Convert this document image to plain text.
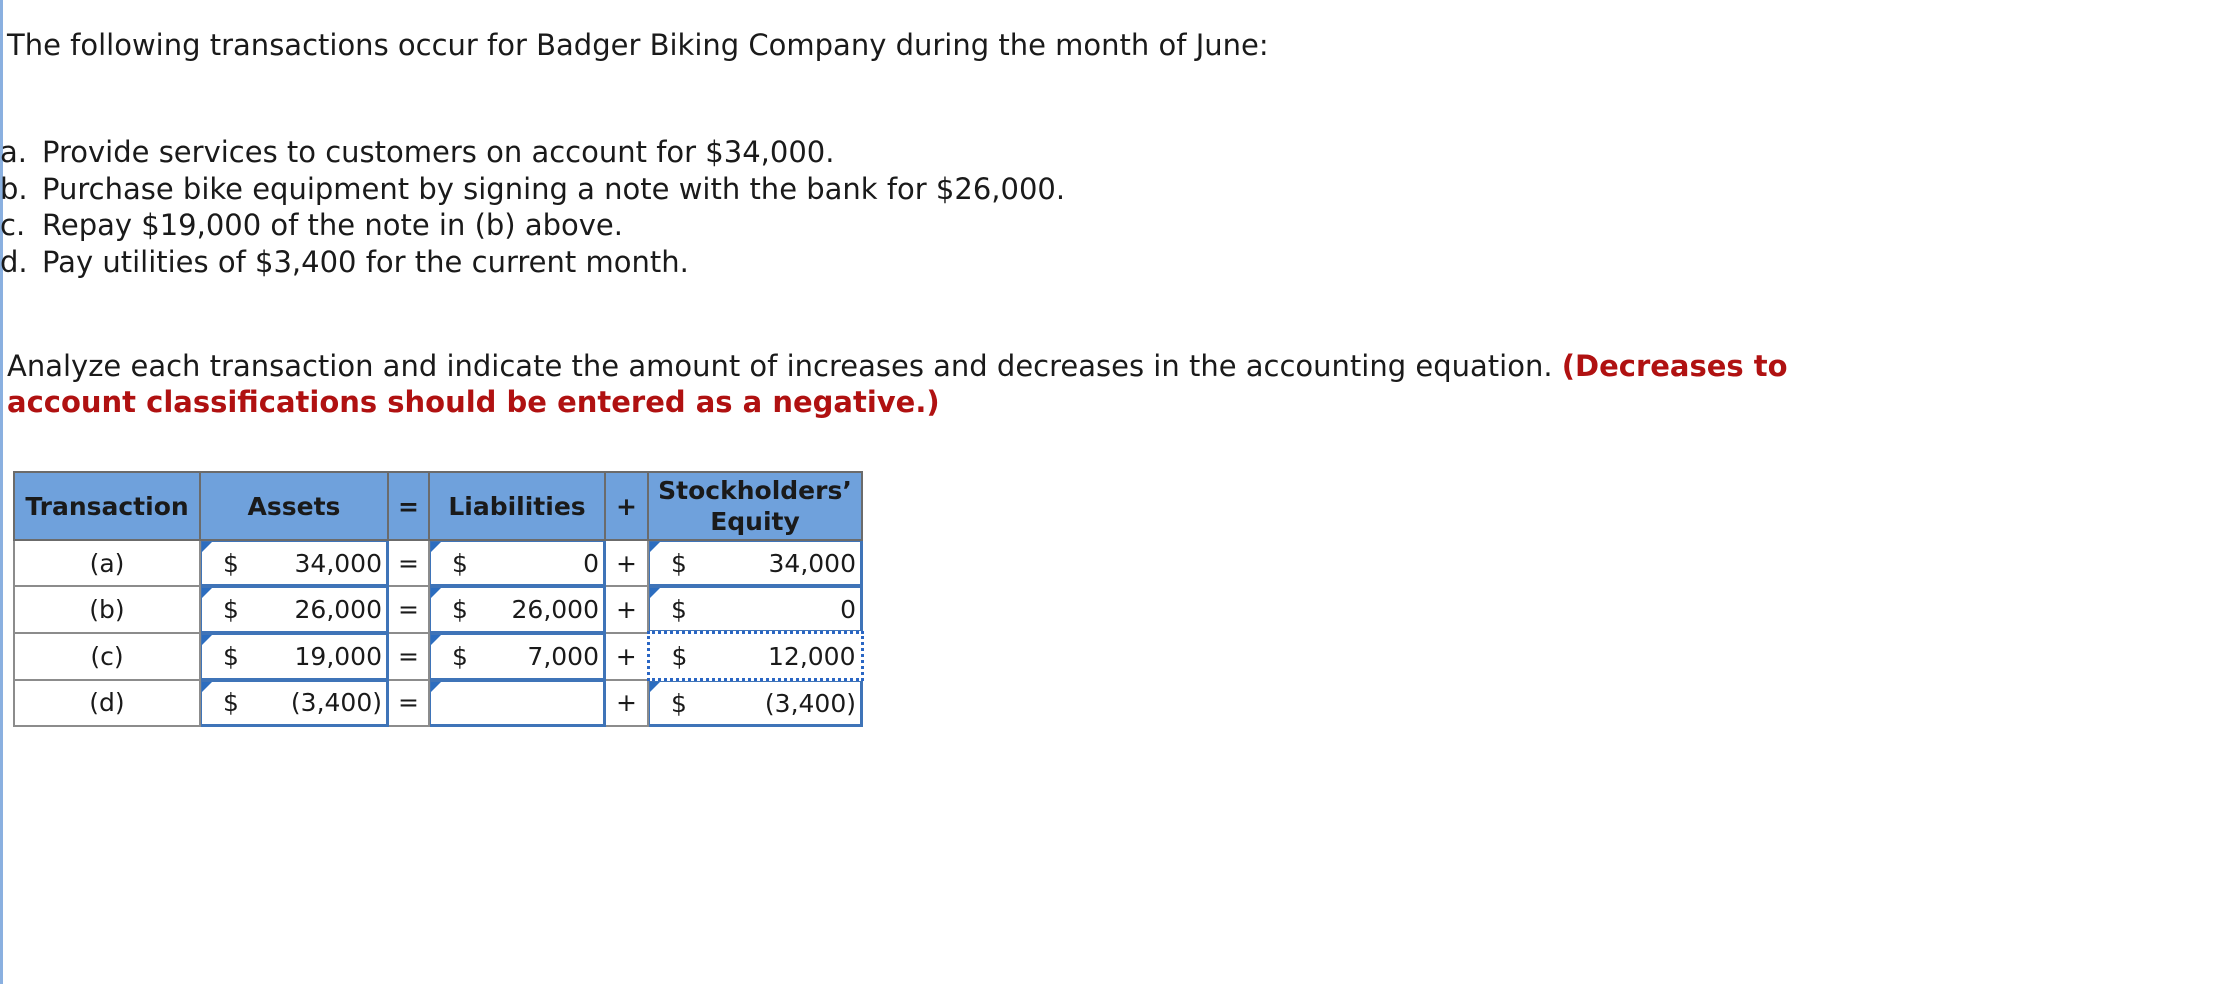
The following transactions occur for Badger Biking Company during the month of June:

a. Provide services to customers on account for $34,000.
b. Purchase bike equipment by signing a note with the bank for $26,000.
c. Repay $19,000 of the note in (b) above.
d. Pay utilities of $3,400 for the current month.

Analyze each transaction and indicate the amount of increases and decreases in the accounting equation. (Decreases to account classifications should be entered as a negative.)

Transaction	Assets	=	Liabilities	+	Stockholders’
Equity
(a)	$ 34,000	=	$ 0	+	$ 34,000

(b)	$ 26,000	=	$ 26,000	+	$ 0

(c)	$ 19,000	=	$ 7,000	+	$ 12,000

(d)	$ (3,400)	=		+	$ (3,400)
